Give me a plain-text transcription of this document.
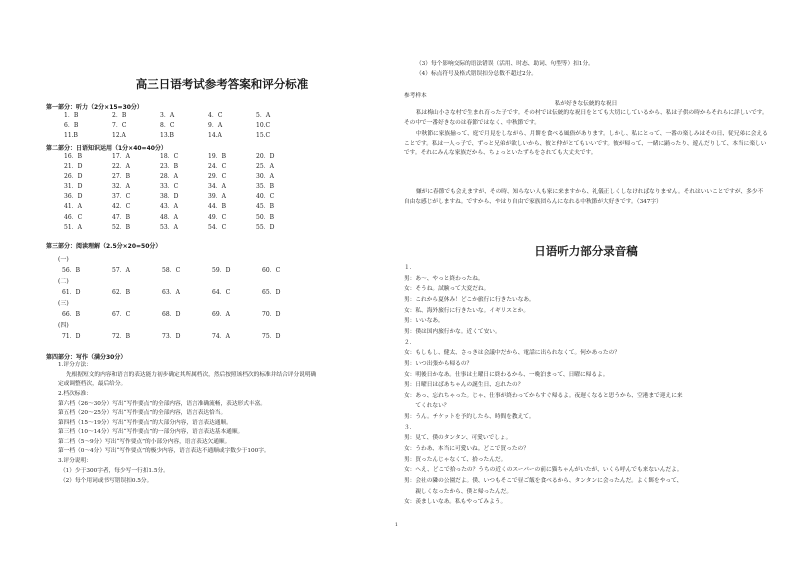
高三日语考试参考答案和评分标准
第一部分：听力（2分×15=30分）
1．B	2．B	3．A	4．C	5．A
6．B	7．C	8．C	9．A	10.C
11.B	12.A	13.B	14.A	15.C
第二部分：日语知识运用（1分×40=40分）
16．B	17．A	18．C	19．B	20．D
21．D	22．A	23．B	24．C	25．A
26．D	27．B	28．A	29．C	30．A
31．D	32．A	33．C	34．A	35．B
36．D	37．C	38．D	39．A	40．C
41．A	42．C	43．A	44．B	45．B
46．C	47．B	48．A	49．C	50．B
51．A	52．B	53．A	54．C	55．D
第三部分：阅读理解（2.5分×20=50分）
(一)
56．B	57．A	58．C	59．D	60．C
(二)
61．D	62．B	63．A	64．C	65．D
(三)
66．B	67．C	68．D	69．A	70．D
(四)
71．D	72．B	73．D	74．A	75．D
第四部分：写作（满分30分）
1.评分方法：
先根据短文的内容和语言的表达能力初步确定其所属档次，然后按照该档次的标准并结合评分说明确
定或调整档次，最后给分。
2.档次标准：
第六档（26～30分）写出“写作要点”的全部内容，语言准确流畅，表达形式丰富。
第五档（20～25分）写出“写作要点”的全部内容，语言表达恰当。
第四档（15～19分）写出“写作要点”的大部分内容，语言表达通顺。
第三档（10～14分）写出“写作要点”的一部分内容，语言表达基本通顺。
第二档（5～9分）写出“写作要点”的小部分内容，语言表达欠通顺。
第一档（0～4分）写出“写作要点”的极少内容，语言表达不通顺或字数少于100字。
3.评分说明：
（1）少于300字者，每少写一行扣1.5分。
（2）每个用词或书写错误扣0.5分。
（3）每个影响交际的语法错误（活用、时态、助词、句型等）扣1分。
（4）标点符号及格式错误扣分总数不超过2分。
参考样本
私が好きな伝統的な祝日
私は梅山小さな村で生まれ育った子です。その村では伝統的な祝日をとても大切にしているから、私は子供の時からそれらに詳しいです。その中で一番好きなのは春節ではなく、中秋節です。
中秋節に家族揃って、庭で月見をしながら、月餅を食べる風俗があります。しかし、私にとって、一番の楽しみはその日、従兄弟に会えることです。私は一人っ子で、ずっと兄弟が欲しいから、彼と仲がとてもいいです。彼が帰って、一緒に踊ったり、遊んだりして、本当に楽しいです。それにみんな家族だから、ちょっといたずらをされても大丈夫です。
嫌がに春節でも会えますが、その時、知らない人も家に来ますから、礼儀正しくしなければなりません。それはいいことですが、多少不自由な感じがしますね。ですから、やはり自由で家族団らんになれる中秋節が大好きです。（347字）
日语听力部分录音稿
１．
男：あ〜、やっと終わったね。
女：そうね。試験って大変だね。
男：これから夏休み！どこか旅行に行きたいなあ。
女：私、海外旅行に行きたいな。イギリスとか。
男：いいなあ。
男：僕は国内旅行かな。近くて安い。
２．
女：もしもし、健太、さっきは会議中だから、電話に出られなくて。何かあったの？
男：いつ出張から帰るの？
女：明後日かなあ。仕事は土曜日に終わるから、一晩泊まって、日曜に帰るよ。
男：日曜日はばあちゃんの誕生日、忘れたの？
女：あっ、忘れちゃった。じゃ、仕事が終わってからすぐ帰るよ。夜遅くなると思うから、空港まで迎えに来
　　てくれない？
男：うん。チケットを予約したら、時間を教えて。
３．
男：見て、僕のタンタン、可愛いでしょ。
女：うわあ、本当に可愛いね。どこで買ったの？
男：買ったんじゃなくて、拾ったんだ。
女：へえ、どこで拾ったの？うちの近くのスーパーの前に猫ちゃんがいたが、いくら呼んでも来ないんだよ。
男：会社の隣の公園だよ。僕、いつもそこで昼ご飯を食べるから、タンタンに会ったんだ。よく餌をやって、
　　親しくなったから、僕と帰ったんだ。
女：羨ましいなあ。私もやってみよう。
1
